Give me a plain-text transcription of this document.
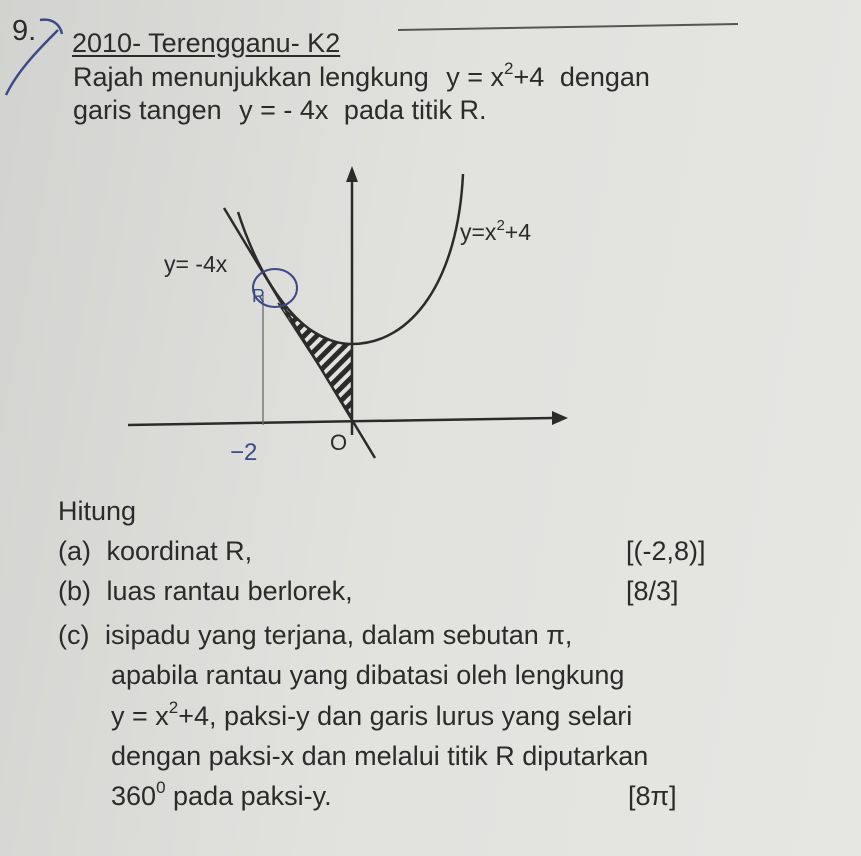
9. 2010- Terengganu- K2
Rajah menunjukkan lengkung $y = x^2+4$ dengan
garis tangen y = - 4x pada titik R.
y= -4x
$y=x^2+4$
R
−2	O
Hitung
(a) koordinat R,	[(-2,8)]
(b) luas rantau berlorek,	[8/3]
(c) isipadu yang terjana, dalam sebutan π,
apabila rantau yang dibatasi oleh lengkung
$y = x^2+4$, paksi-y dan garis lurus yang selari
dengan paksi-x dan melalui titik R diputarkan
$360^0$ pada paksi-y.	[8π]
